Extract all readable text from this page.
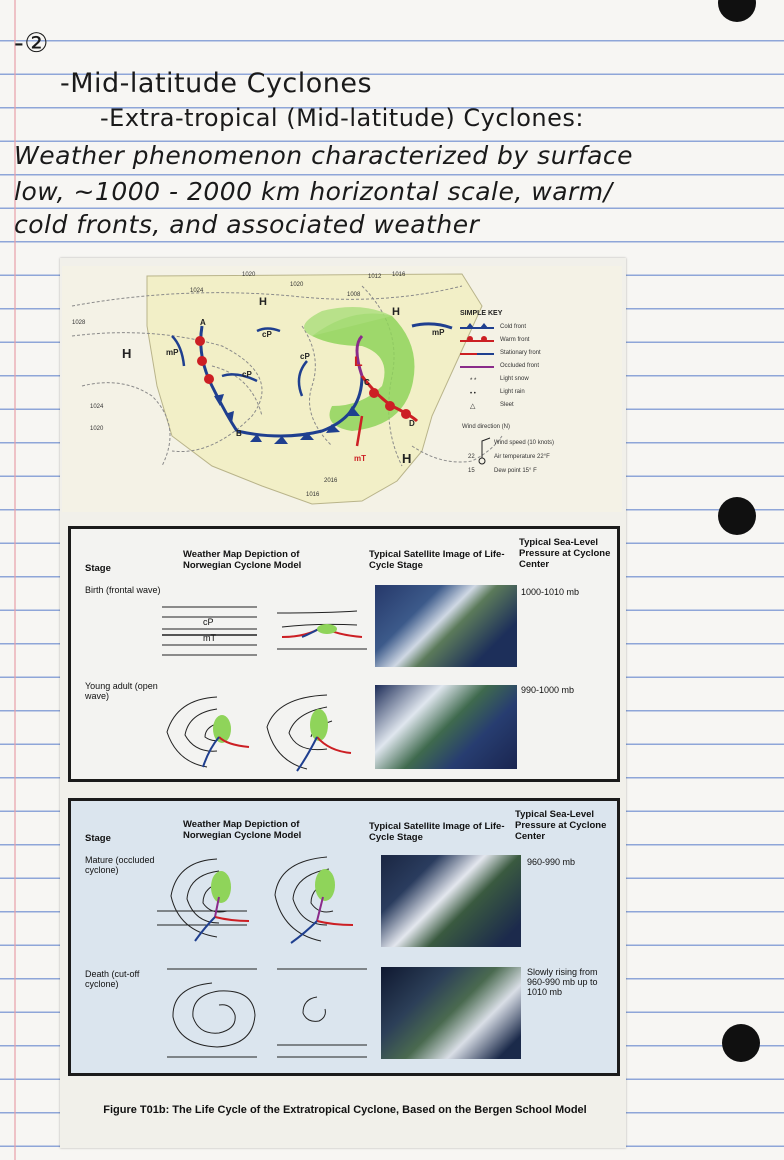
-②
-Mid-latitude Cyclones
-Extra-tropical (Mid-latitude) Cyclones:
Weather phenomenon characterized by surface
low, ~1000 - 2000 km horizontal scale, warm/
cold fronts, and associated weather
L
H
H
H
H
cP
cP
cP
mP
mP
mT
A
B
C
D
1020
1024
1020
1016
1012
1008
1028
1024
1020
2016
1016
SIMPLE KEY
* *
• •
△
Cold front
Warm front
Stationary front
Occluded front
Light snow
Light rain
Sleet
Wind direction (N)
Wind speed (10 knots)
Air temperature 22°F
Dew point 15° F
22
15
Stage
Weather Map Depiction of Norwegian Cyclone Model
Typical Satellite Image of Life-Cycle Stage
Typical Sea-Level Pressure at Cyclone Center
Birth (frontal wave)	1000-1010 mb
Young adult (open wave)
990-1000 mb
cP
mT
Stage
Weather Map Depiction of Norwegian Cyclone Model
Typical Satellite Image of Life-Cycle Stage
Typical Sea-Level Pressure at Cyclone Center
Mature (occluded cyclone)
960-990 mb
Death (cut-off cyclone)
Slowly rising from 960-990 mb up to 1010 mb
Figure T01b: The Life Cycle of the Extratropical Cyclone, Based on the Bergen School Model
